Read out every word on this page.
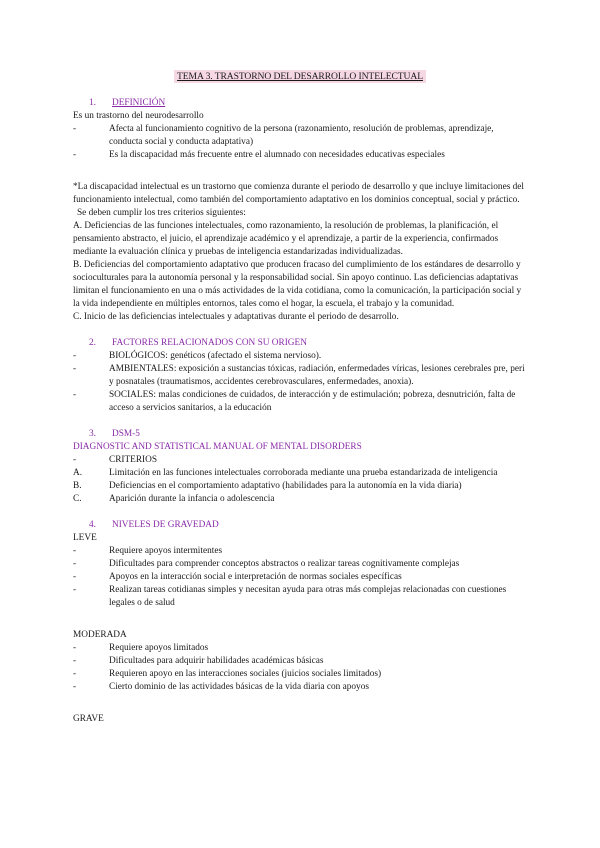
TEMA 3. TRASTORNO DEL DESARROLLO INTELECTUAL

1. DEFINICIÓN

Es un trastorno del neurodesarrollo

-	Afecta al funcionamiento cognitivo de la persona (razonamiento, resolución de problemas, aprendizaje, conducta social y conducta adaptativa)
-	Es la discapacidad más frecuente entre el alumnado con necesidades educativas especiales

*La discapacidad intelectual es un trastorno que comienza durante el periodo de desarrollo y que incluye limitaciones del funcionamiento intelectual, como también del comportamiento adaptativo en los dominios conceptual, social y práctico.

Se deben cumplir los tres criterios siguientes:

A. Deficiencias de las funciones intelectuales, como razonamiento, la resolución de problemas, la planificación, el pensamiento abstracto, el juicio, el aprendizaje académico y el aprendizaje, a partir de la experiencia, confirmados mediante la evaluación clínica y pruebas de inteligencia estandarizadas individualizadas.

B. Deficiencias del comportamiento adaptativo que producen fracaso del cumplimiento de los estándares de desarrollo y socioculturales para la autonomía personal y la responsabilidad social. Sin apoyo continuo. Las deficiencias adaptativas limitan el funcionamiento en una o más actividades de la vida cotidiana, como la comunicación, la participación social y la vida independiente en múltiples entornos, tales como el hogar, la escuela, el trabajo y la comunidad.

C. Inicio de las deficiencias intelectuales y adaptativas durante el periodo de desarrollo.

2. FACTORES RELACIONADOS CON SU ORIGEN

-	BIOLÓGICOS: genéticos (afectado el sistema nervioso).
-	AMBIENTALES: exposición a sustancias tóxicas, radiación, enfermedades víricas, lesiones cerebrales pre, peri y posnatales (traumatismos, accidentes cerebrovasculares, enfermedades, anoxia).
-	SOCIALES: malas condiciones de cuidados, de interacción y de estimulación; pobreza, desnutrición, falta de acceso a servicios sanitarios, a la educación

3. DSM-5

DIAGNOSTIC AND STATISTICAL MANUAL OF MENTAL DISORDERS

-	CRITERIOS
A.	Limitación en las funciones intelectuales corroborada mediante una prueba estandarizada de inteligencia
B.	Deficiencias en el comportamiento adaptativo (habilidades para la autonomía en la vida diaria)
C.	Aparición durante la infancia o adolescencia

4. NIVELES DE GRAVEDAD

LEVE

-	Requiere apoyos intermitentes
-	Dificultades para comprender conceptos abstractos o realizar tareas cognitivamente complejas
-	Apoyos en la interacción social e interpretación de normas sociales específicas
-	Realizan tareas cotidianas simples y necesitan ayuda para otras más complejas relacionadas con cuestiones legales o de salud

MODERADA

-	Requiere apoyos limitados
-	Dificultades para adquirir habilidades académicas básicas
-	Requieren apoyo en las interacciones sociales (juicios sociales limitados)
-	Cierto dominio de las actividades básicas de la vida diaria con apoyos

GRAVE
